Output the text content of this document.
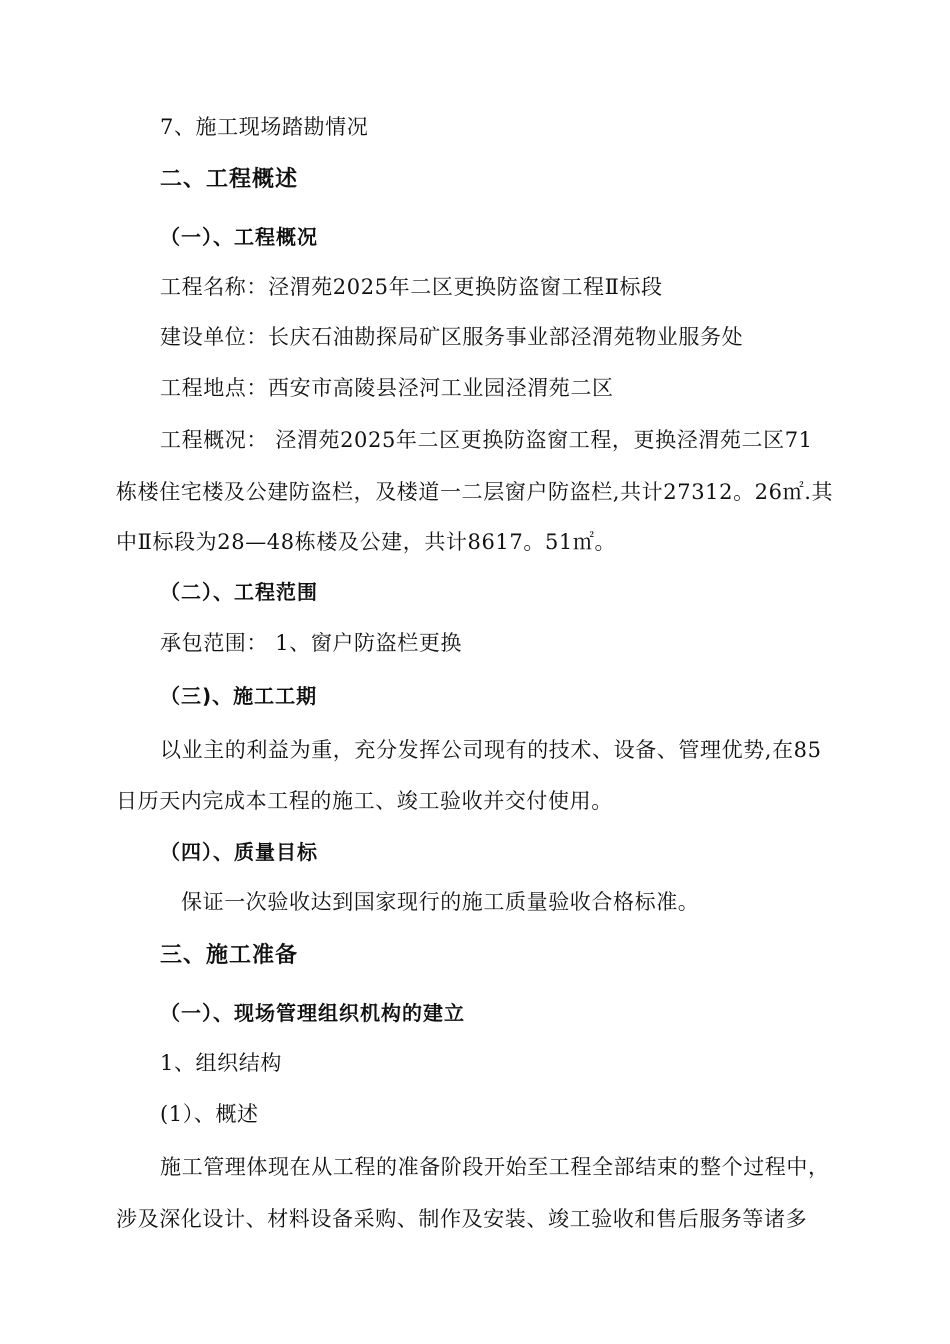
7、施工现场踏勘情况
二、工程概述
（一）、工程概况
工程名称：泾渭苑2025年二区更换防盗窗工程Ⅱ标段
建设单位：长庆石油勘探局矿区服务事业部泾渭苑物业服务处
工程地点：西安市高陵县泾河工业园泾渭苑二区
工程概况： 泾渭苑2025年二区更换防盗窗工程，更换泾渭苑二区71
栋楼住宅楼及公建防盗栏，及楼道一二层窗户防盗栏,共计27312。26㎡.其
中Ⅱ标段为28—48栋楼及公建，共计8617。51㎡。
（二）、工程范围
承包范围： 1、窗户防盗栏更换
（三)、施工工期
以业主的利益为重，充分发挥公司现有的技术、设备、管理优势,在85
日历天内完成本工程的施工、竣工验收并交付使用。
（四）、质量目标
保证一次验收达到国家现行的施工质量验收合格标准。
三、施工准备
（一）、现场管理组织机构的建立
1、组织结构
(1）、概述
施工管理体现在从工程的准备阶段开始至工程全部结束的整个过程中，
涉及深化设计、材料设备采购、制作及安装、竣工验收和售后服务等诸多
